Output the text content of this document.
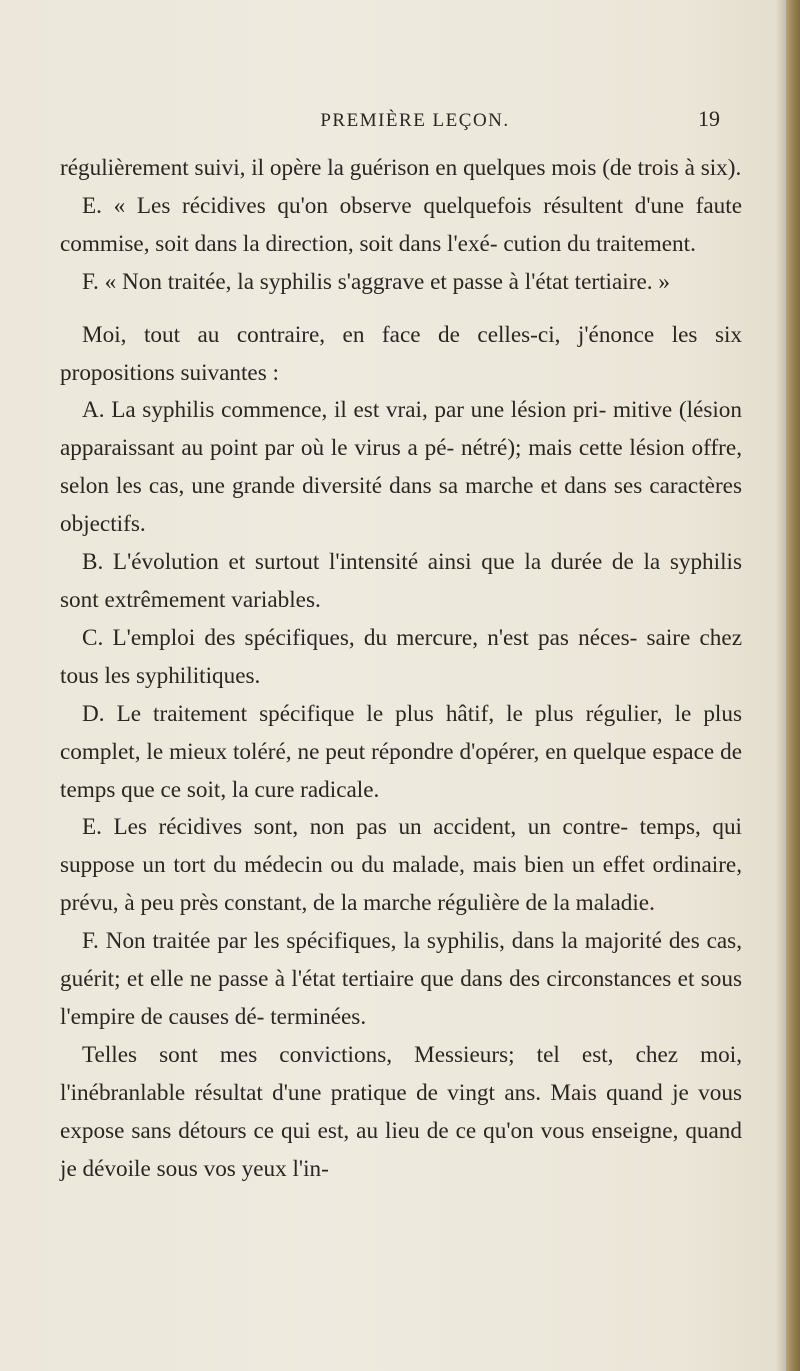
PREMIÈRE LEÇON.	19

régulièrement suivi, il opère la guérison en quelques mois (de trois à six).

E. « Les récidives qu'on observe quelquefois résultent d'une faute commise, soit dans la direction, soit dans l'exé- cution du traitement.

F. « Non traitée, la syphilis s'aggrave et passe à l'état tertiaire. »

Moi, tout au contraire, en face de celles-ci, j'énonce les six propositions suivantes :

A. La syphilis commence, il est vrai, par une lésion pri- mitive (lésion apparaissant au point par où le virus a pé- nétré); mais cette lésion offre, selon les cas, une grande diversité dans sa marche et dans ses caractères objectifs.

B. L'évolution et surtout l'intensité ainsi que la durée de la syphilis sont extrêmement variables.

C. L'emploi des spécifiques, du mercure, n'est pas néces- saire chez tous les syphilitiques.

D. Le traitement spécifique le plus hâtif, le plus régulier, le plus complet, le mieux toléré, ne peut répondre d'opérer, en quelque espace de temps que ce soit, la cure radicale.

E. Les récidives sont, non pas un accident, un contre- temps, qui suppose un tort du médecin ou du malade, mais bien un effet ordinaire, prévu, à peu près constant, de la marche régulière de la maladie.

F. Non traitée par les spécifiques, la syphilis, dans la majorité des cas, guérit; et elle ne passe à l'état tertiaire que dans des circonstances et sous l'empire de causes dé- terminées.

Telles sont mes convictions, Messieurs; tel est, chez moi, l'inébranlable résultat d'une pratique de vingt ans. Mais quand je vous expose sans détours ce qui est, au lieu de ce qu'on vous enseigne, quand je dévoile sous vos yeux l'in-
